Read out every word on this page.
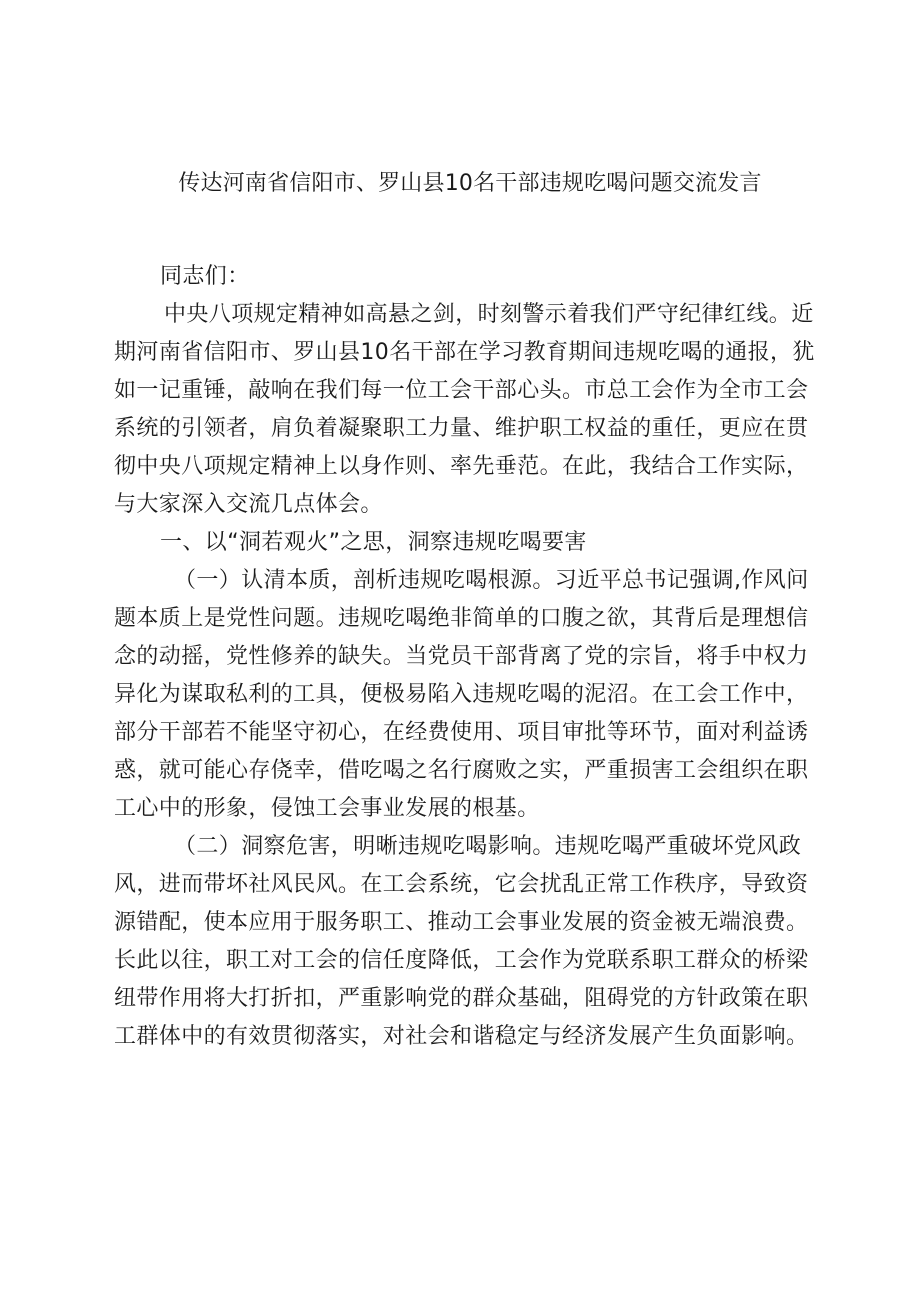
传达河南省信阳市、罗山县10名干部违规吃喝问题交流发言

同志们：

中央八项规定精神如高悬之剑，时刻警示着我们严守纪律红线。近期河南省信阳市、罗山县10名干部在学习教育期间违规吃喝的通报，犹如一记重锤，敲响在我们每一位工会干部心头。市总工会作为全市工会系统的引领者，肩负着凝聚职工力量、维护职工权益的重任，更应在贯彻中央八项规定精神上以身作则、率先垂范。在此，我结合工作实际，与大家深入交流几点体会。

一、以“洞若观火”之思，洞察违规吃喝要害

（一）认清本质，剖析违规吃喝根源。习近平总书记强调,作风问题本质上是党性问题。违规吃喝绝非简单的口腹之欲，其背后是理想信念的动摇，党性修养的缺失。当党员干部背离了党的宗旨，将手中权力异化为谋取私利的工具，便极易陷入违规吃喝的泥沼。在工会工作中，部分干部若不能坚守初心，在经费使用、项目审批等环节，面对利益诱惑，就可能心存侥幸，借吃喝之名行腐败之实，严重损害工会组织在职工心中的形象，侵蚀工会事业发展的根基。

（二）洞察危害，明晰违规吃喝影响。违规吃喝严重破坏党风政风，进而带坏社风民风。在工会系统，它会扰乱正常工作秩序，导致资源错配，使本应用于服务职工、推动工会事业发展的资金被无端浪费。长此以往，职工对工会的信任度降低，工会作为党联系职工群众的桥梁纽带作用将大打折扣，严重影响党的群众基础，阻碍党的方针政策在职工群体中的有效贯彻落实，对社会和谐稳定与经济发展产生负面影响。
